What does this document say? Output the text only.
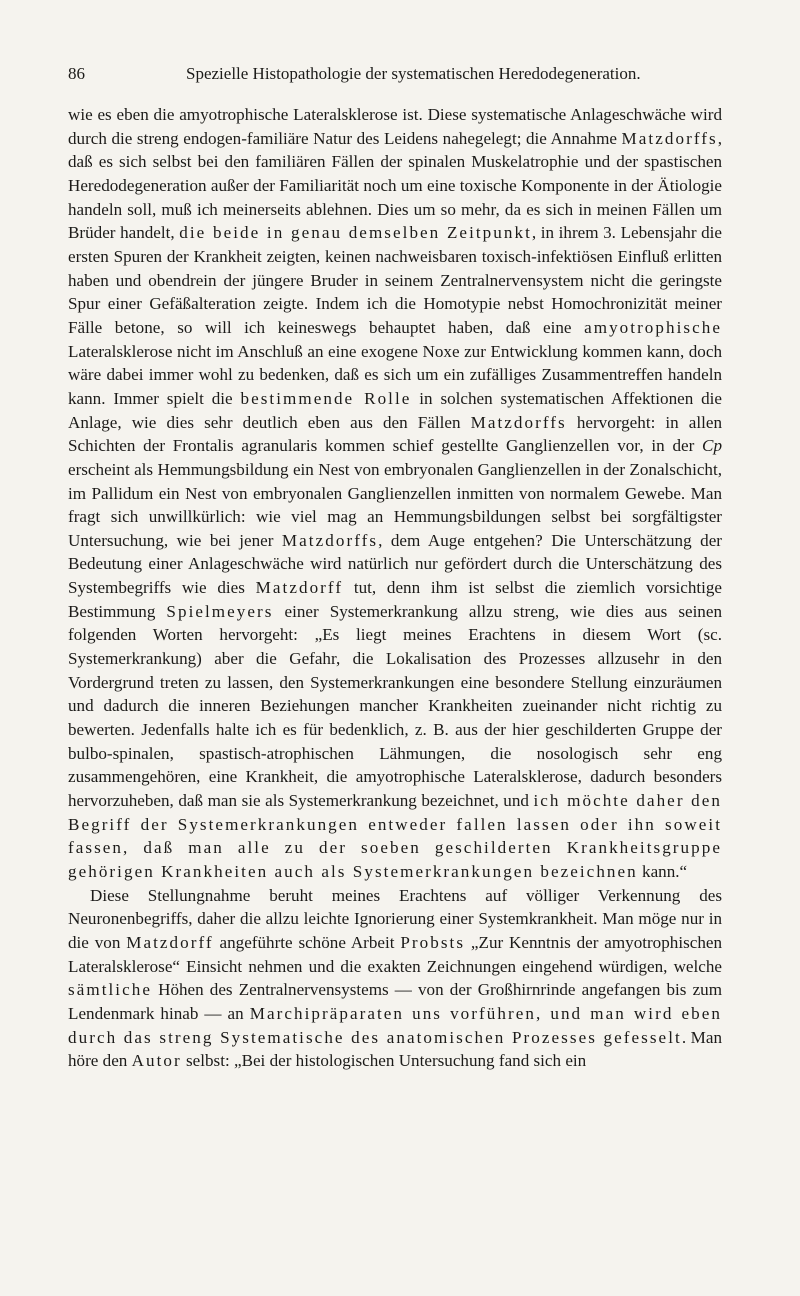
86	Spezielle Histopathologie der systematischen Heredodegeneration.

wie es eben die amyotrophische Lateralsklerose ist. Diese systematische Anlageschwäche wird durch die streng endogen-familiäre Natur des Leidens nahegelegt; die Annahme Matzdorffs, daß es sich selbst bei den familiären Fällen der spinalen Muskelatrophie und der spastischen Heredodegeneration außer der Familiarität noch um eine toxische Komponente in der Ätiologie handeln soll, muß ich meinerseits ablehnen. Dies um so mehr, da es sich in meinen Fällen um Brüder handelt, die beide in genau demselben Zeitpunkt, in ihrem 3. Lebensjahr die ersten Spuren der Krankheit zeigten, keinen nachweisbaren toxisch-infektiösen Einfluß erlitten haben und obendrein der jüngere Bruder in seinem Zentralnervensystem nicht die geringste Spur einer Gefäßalteration zeigte. Indem ich die Homotypie nebst Homochronizität meiner Fälle betone, so will ich keineswegs behauptet haben, daß eine amyotrophische Lateralsklerose nicht im Anschluß an eine exogene Noxe zur Entwicklung kommen kann, doch wäre dabei immer wohl zu bedenken, daß es sich um ein zufälliges Zusammentreffen handeln kann. Immer spielt die bestimmende Rolle in solchen systematischen Affektionen die Anlage, wie dies sehr deutlich eben aus den Fällen Matzdorffs hervorgeht: in allen Schichten der Frontalis agranularis kommen schief gestellte Ganglienzellen vor, in der Cp erscheint als Hemmungsbildung ein Nest von embryonalen Ganglienzellen in der Zonalschicht, im Pallidum ein Nest von embryonalen Ganglienzellen inmitten von normalem Gewebe. Man fragt sich unwillkürlich: wie viel mag an Hemmungsbildungen selbst bei sorgfältigster Untersuchung, wie bei jener Matzdorffs, dem Auge entgehen? Die Unterschätzung der Bedeutung einer Anlageschwäche wird natürlich nur gefördert durch die Unterschätzung des Systembegriffs wie dies Matzdorff tut, denn ihm ist selbst die ziemlich vorsichtige Bestimmung Spielmeyers einer Systemerkrankung allzu streng, wie dies aus seinen folgenden Worten hervorgeht: „Es liegt meines Erachtens in diesem Wort (sc. Systemerkrankung) aber die Gefahr, die Lokalisation des Prozesses allzusehr in den Vordergrund treten zu lassen, den Systemerkrankungen eine besondere Stellung einzuräumen und dadurch die inneren Beziehungen mancher Krankheiten zueinander nicht richtig zu bewerten. Jedenfalls halte ich es für bedenklich, z. B. aus der hier geschilderten Gruppe der bulbo-spinalen, spastisch-atrophischen Lähmungen, die nosologisch sehr eng zusammengehören, eine Krankheit, die amyotrophische Lateralsklerose, dadurch besonders hervorzuheben, daß man sie als Systemerkrankung bezeichnet, und ich möchte daher den Begriff der Systemerkrankungen entweder fallen lassen oder ihn soweit fassen, daß man alle zu der soeben geschilderten Krankheitsgruppe gehörigen Krankheiten auch als Systemerkrankungen bezeichnen kann.“

Diese Stellungnahme beruht meines Erachtens auf völliger Verkennung des Neuronenbegriffs, daher die allzu leichte Ignorierung einer Systemkrankheit. Man möge nur in die von Matzdorff angeführte schöne Arbeit Probsts „Zur Kenntnis der amyotrophischen Lateralsklerose“ Einsicht nehmen und die exakten Zeichnungen eingehend würdigen, welche sämtliche Höhen des Zentralnervensystems — von der Großhirnrinde angefangen bis zum Lendenmark hinab — an Marchipräparaten uns vorführen, und man wird eben durch das streng Systematische des anatomischen Prozesses gefesselt. Man höre den Autor selbst: „Bei der histologischen Untersuchung fand sich ein
